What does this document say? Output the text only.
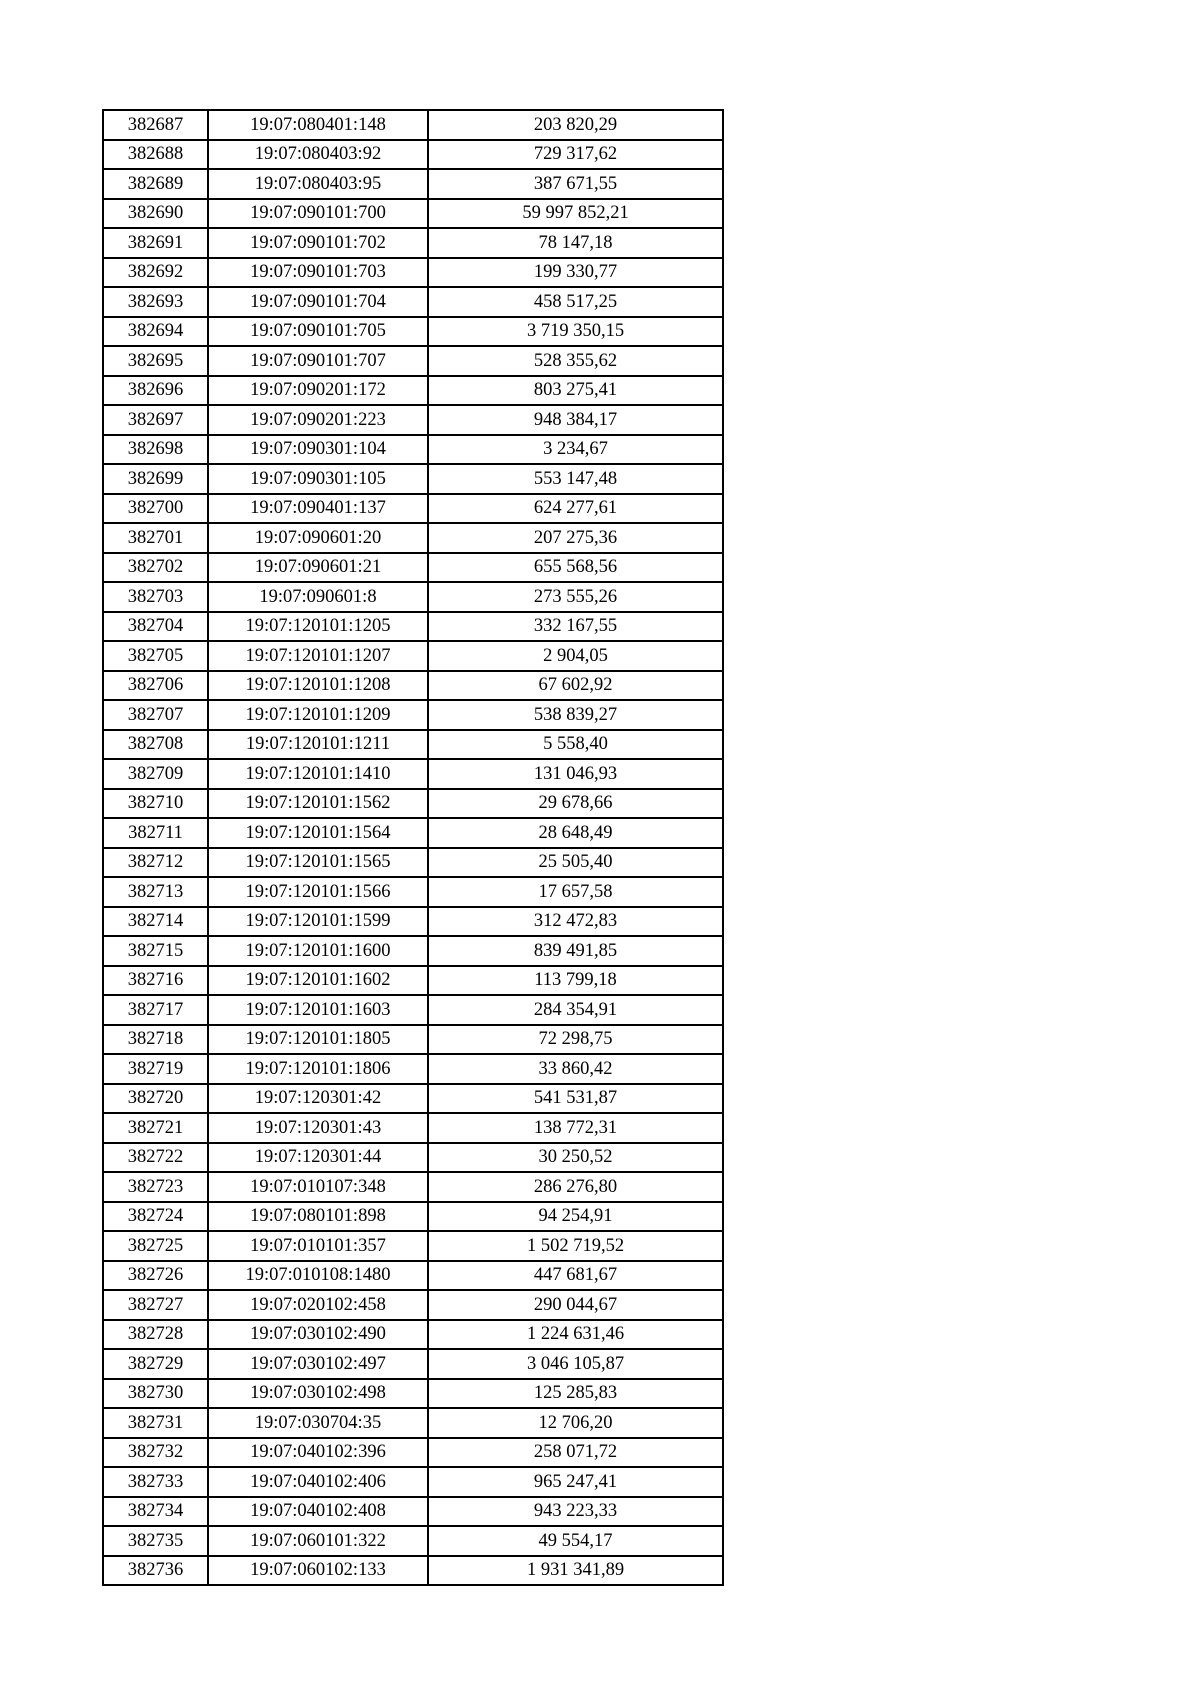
382687	19:07:080401:148	203 820,29
382688	19:07:080403:92	729 317,62
382689	19:07:080403:95	387 671,55
382690	19:07:090101:700	59 997 852,21
382691	19:07:090101:702	78 147,18
382692	19:07:090101:703	199 330,77
382693	19:07:090101:704	458 517,25
382694	19:07:090101:705	3 719 350,15
382695	19:07:090101:707	528 355,62
382696	19:07:090201:172	803 275,41
382697	19:07:090201:223	948 384,17
382698	19:07:090301:104	3 234,67
382699	19:07:090301:105	553 147,48
382700	19:07:090401:137	624 277,61
382701	19:07:090601:20	207 275,36
382702	19:07:090601:21	655 568,56
382703	19:07:090601:8	273 555,26
382704	19:07:120101:1205	332 167,55
382705	19:07:120101:1207	2 904,05
382706	19:07:120101:1208	67 602,92
382707	19:07:120101:1209	538 839,27
382708	19:07:120101:1211	5 558,40
382709	19:07:120101:1410	131 046,93
382710	19:07:120101:1562	29 678,66
382711	19:07:120101:1564	28 648,49
382712	19:07:120101:1565	25 505,40
382713	19:07:120101:1566	17 657,58
382714	19:07:120101:1599	312 472,83
382715	19:07:120101:1600	839 491,85
382716	19:07:120101:1602	113 799,18
382717	19:07:120101:1603	284 354,91
382718	19:07:120101:1805	72 298,75
382719	19:07:120101:1806	33 860,42
382720	19:07:120301:42	541 531,87
382721	19:07:120301:43	138 772,31
382722	19:07:120301:44	30 250,52
382723	19:07:010107:348	286 276,80
382724	19:07:080101:898	94 254,91
382725	19:07:010101:357	1 502 719,52
382726	19:07:010108:1480	447 681,67
382727	19:07:020102:458	290 044,67
382728	19:07:030102:490	1 224 631,46
382729	19:07:030102:497	3 046 105,87
382730	19:07:030102:498	125 285,83
382731	19:07:030704:35	12 706,20
382732	19:07:040102:396	258 071,72
382733	19:07:040102:406	965 247,41
382734	19:07:040102:408	943 223,33
382735	19:07:060101:322	49 554,17
382736	19:07:060102:133	1 931 341,89
